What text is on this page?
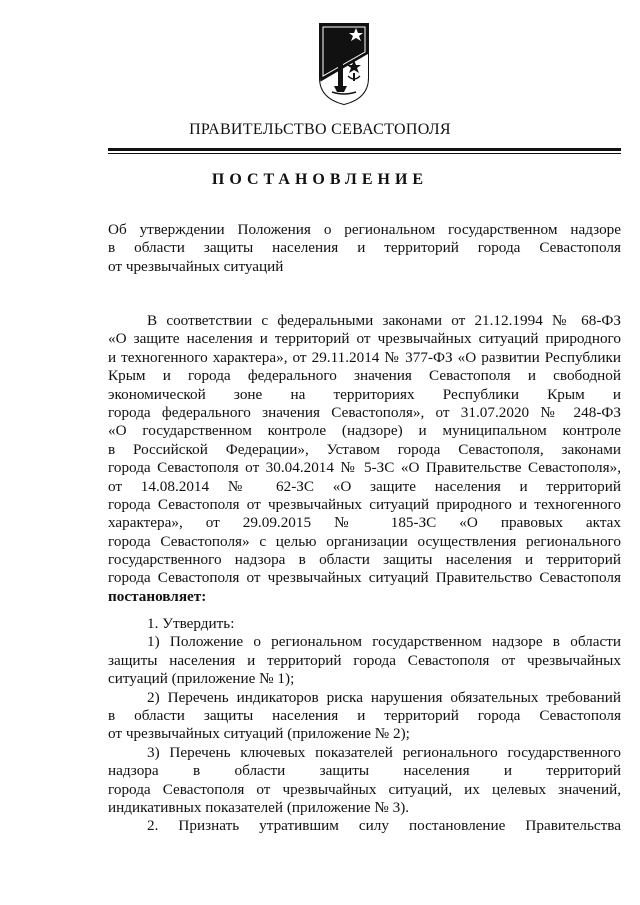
ПРАВИТЕЛЬСТВО СЕВАСТОПОЛЯ
ПОСТАНОВЛЕНИЕ
Об утверждении Положения о региональном государственном надзоре
в области защиты населения и территорий города Севастополя
от чрезвычайных ситуаций
В соответствии с федеральными законами от 21.12.1994 № 68-ФЗ
«О защите населения и территорий от чрезвычайных ситуаций природного
и техногенного характера», от 29.11.2014 № 377-ФЗ «О развитии Республики
Крым и города федерального значения Севастополя и свободной
экономической зоне на территориях Республики Крым и
города федерального значения Севастополя», от 31.07.2020 № 248-ФЗ
«О государственном контроле (надзоре) и муниципальном контроле
в Российской Федерации», Уставом города Севастополя, законами
города Севастополя от 30.04.2014 № 5-ЗС «О Правительстве Севастополя»,
от 14.08.2014 № 62-ЗС «О защите населения и территорий
города Севастополя от чрезвычайных ситуаций природного и техногенного
характера», от 29.09.2015 № 185-ЗС «О правовых актах
города Севастополя» с целью организации осуществления регионального
государственного надзора в области защиты населения и территорий
города Севастополя от чрезвычайных ситуаций Правительство Севастополя
постановляет:
1. Утвердить:
1) Положение о региональном государственном надзоре в области
защиты населения и территорий города Севастополя от чрезвычайных
ситуаций (приложение № 1);
2) Перечень индикаторов риска нарушения обязательных требований
в области защиты населения и территорий города Севастополя
от чрезвычайных ситуаций (приложение № 2);
3) Перечень ключевых показателей регионального государственного
надзора в области защиты населения и территорий
города Севастополя от чрезвычайных ситуаций, их целевых значений,
индикативных показателей (приложение № 3).
2. Признать утратившим силу постановление Правительства
